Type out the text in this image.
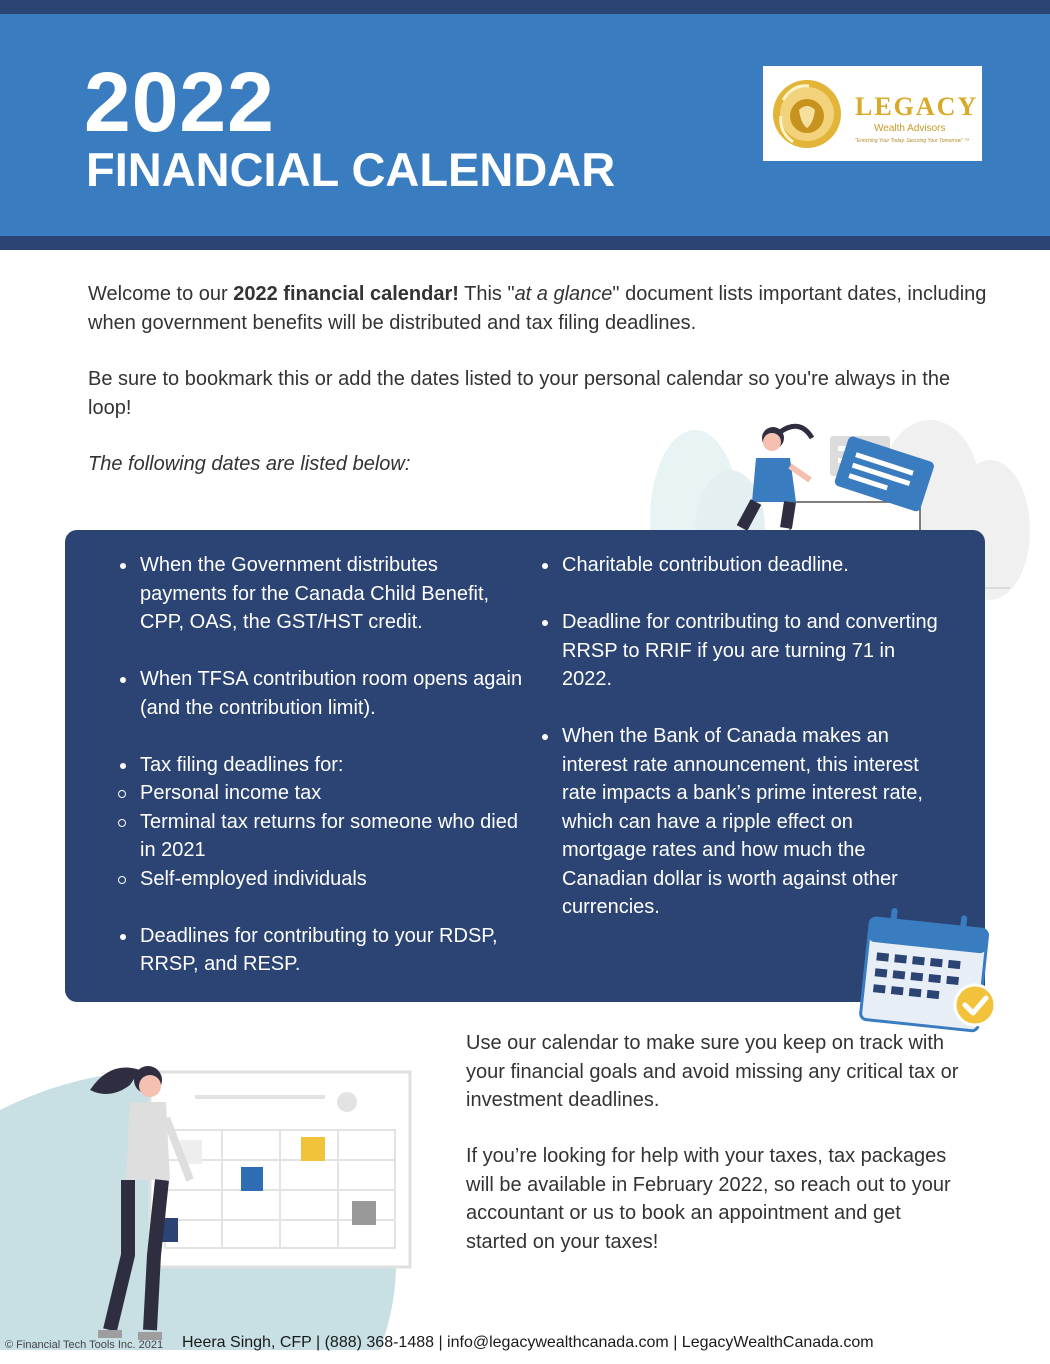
2022
FINANCIAL CALENDAR
LEGACY
Wealth Advisors
"Enriching Your Today. Securing Your Tomorrow" ™

Welcome to our 2022 financial calendar! This "at a glance" document lists important dates, including when government benefits will be distributed and tax filing deadlines.

Be sure to bookmark this or add the dates listed to your personal calendar so you're always in the loop!

The following dates are listed below:

When the Government distributes payments for the Canada Child Benefit, CPP, OAS, the GST/HST credit.
When TFSA contribution room opens again (and the contribution limit).
Tax filing deadlines for:
Personal income tax
Terminal tax returns for someone who died in 2021
Self-employed individuals
Deadlines for contributing to your RDSP, RRSP, and RESP.
Charitable contribution deadline.
Deadline for contributing to and converting RRSP to RRIF if you are turning 71 in 2022.
When the Bank of Canada makes an interest rate announcement, this interest rate impacts a bank’s prime interest rate, which can have a ripple effect on mortgage rates and how much the Canadian dollar is worth against other currencies.

Use our calendar to make sure you keep on track with your financial goals and avoid missing any critical tax or investment deadlines.

If you’re looking for help with your taxes, tax packages will be available in February 2022, so reach out to your accountant or us to book an appointment and get started on your taxes!

© Financial Tech Tools Inc. 2021 Heera Singh, CFP | (888) 368-1488 | info@legacywealthcanada.com | LegacyWealthCanada.com
